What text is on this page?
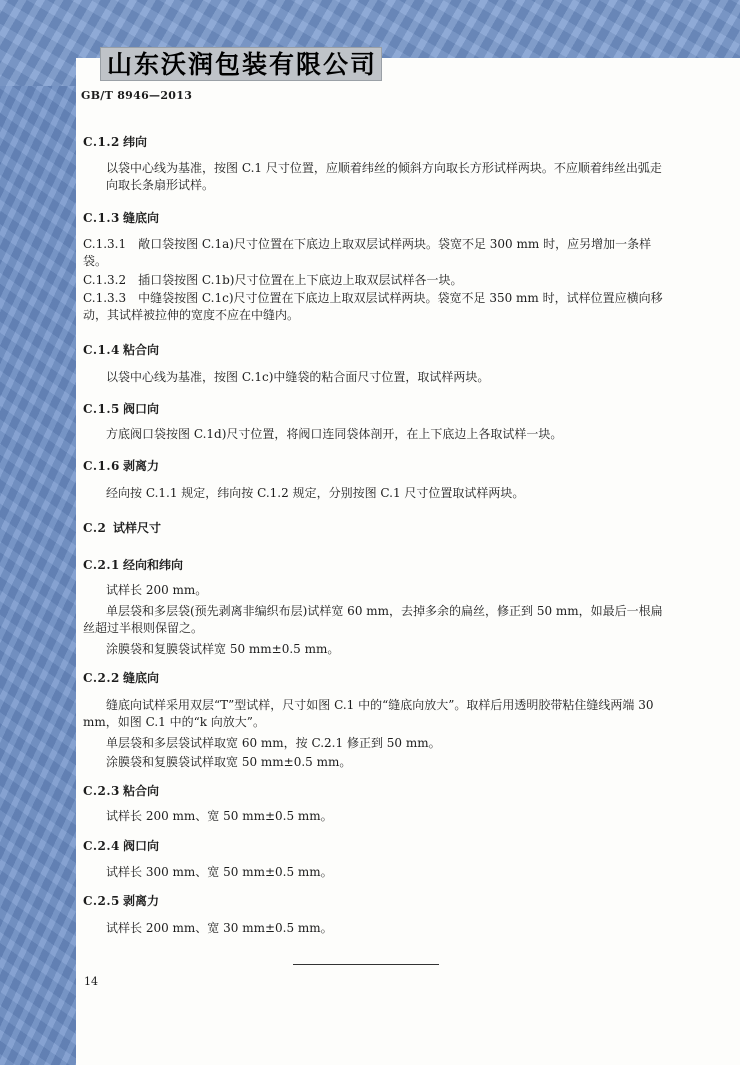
山东沃润包装有限公司
GB/T 8946—2013
C.1.2 纬向
以袋中心线为基准，按图 C.1 尺寸位置，应顺着纬丝的倾斜方向取长方形试样两块。不应顺着纬丝出弧走向取长条扇形试样。
C.1.3 缝底向
C.1.3.1　敞口袋按图 C.1a)尺寸位置在下底边上取双层试样两块。袋宽不足 300 mm 时，应另增加一条样袋。
C.1.3.2　插口袋按图 C.1b)尺寸位置在上下底边上取双层试样各一块。
C.1.3.3　中缝袋按图 C.1c)尺寸位置在下底边上取双层试样两块。袋宽不足 350 mm 时，试样位置应横向移动，其试样被拉伸的宽度不应在中缝内。
C.1.4 粘合向
以袋中心线为基准，按图 C.1c)中缝袋的粘合面尺寸位置，取试样两块。
C.1.5 阀口向
方底阀口袋按图 C.1d)尺寸位置，将阀口连同袋体剖开，在上下底边上各取试样一块。
C.1.6 剥离力
经向按 C.1.1 规定，纬向按 C.1.2 规定，分别按图 C.1 尺寸位置取试样两块。
C.2 试样尺寸
C.2.1 经向和纬向
试样长 200 mm。
单层袋和多层袋(预先剥离非编织布层)试样宽 60 mm，去掉多余的扁丝，修正到 50 mm，如最后一根扁丝超过半根则保留之。
涂膜袋和复膜袋试样宽 50 mm±0.5 mm。
C.2.2 缝底向
缝底向试样采用双层“T”型试样，尺寸如图 C.1 中的“缝底向放大”。取样后用透明胶带粘住缝线两端 30 mm，如图 C.1 中的“k 向放大”。
单层袋和多层袋试样取宽 60 mm，按 C.2.1 修正到 50 mm。
涂膜袋和复膜袋试样取宽 50 mm±0.5 mm。
C.2.3 粘合向
试样长 200 mm、宽 50 mm±0.5 mm。
C.2.4 阀口向
试样长 300 mm、宽 50 mm±0.5 mm。
C.2.5 剥离力
试样长 200 mm、宽 30 mm±0.5 mm。
14
